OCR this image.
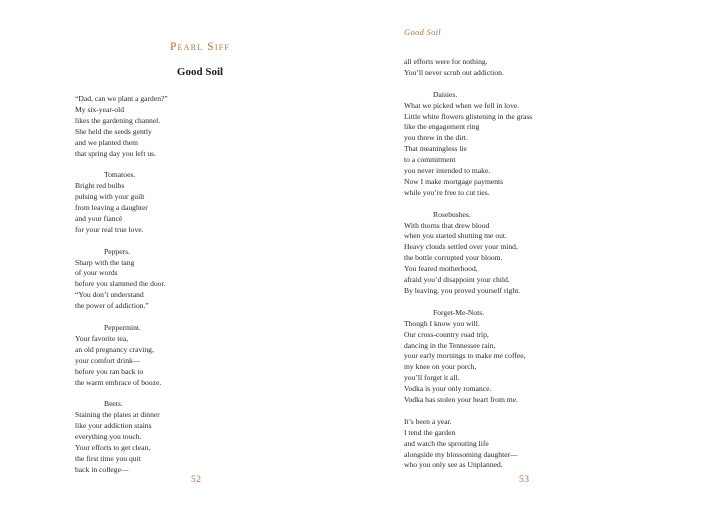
Pearl Siff
Good Soil
“Dad, can we plant a garden?”
My six-year-old
likes the gardening channel.
She held the seeds gently
and we planted them
that spring day you left us.
Tomatoes.
Bright red bulbs
pulsing with your guilt
from leaving a daughter
and your fiancé
for your real true love.
Peppers.
Sharp with the tang
of your words
before you slammed the door.
“You don’t understand
the power of addiction.”
Peppermint.
Your favorite tea,
an old pregnancy craving,
your comfort drink—
before you ran back to
the warm embrace of booze.
Beets.
Staining the plates at dinner
like your addiction stains
everything you touch.
Your efforts to get clean,
the first time you quit
back in college—
52
Good Soil
all efforts were for nothing.
You’ll never scrub out addiction.
Daisies.
What we picked when we fell in love.
Little white flowers glistening in the grass
like the engagement ring
you threw in the dirt.
That meaningless lie
to a commitment
you never intended to make.
Now I make mortgage payments
while you’re free to cut ties.
Rosebushes.
With thorns that drew blood
when you started shutting me out.
Heavy clouds settled over your mind,
the bottle corrupted your bloom.
You feared motherhood,
afraid you’d disappoint your child.
By leaving, you proved yourself right.
Forget-Me-Nots.
Though I know you will.
Our cross-country road trip,
dancing in the Tennessee rain,
your early mornings to make me coffee,
my knee on your porch,
you’ll forget it all.
Vodka is your only romance.
Vodka has stolen your heart from me.
It’s been a year.
I tend the garden
and watch the sprouting life
alongside my blossoming daughter—
who you only see as Unplanned.
53
